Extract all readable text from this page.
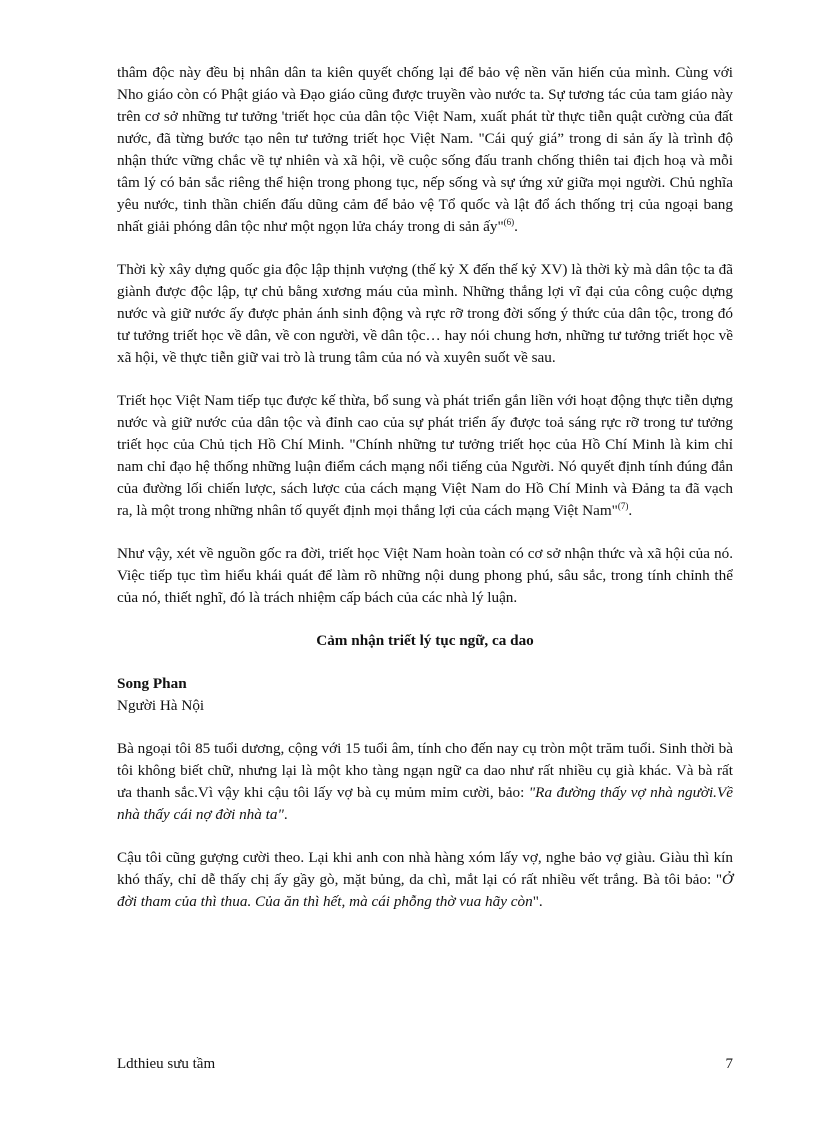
thâm độc này đều bị nhân dân ta kiên quyết chống lại để bảo vệ nền văn hiến của mình. Cùng với Nho giáo còn có Phật giáo và Đạo giáo cũng được truyền vào nước ta. Sự tương tác của tam giáo này trên cơ sở những tư tưởng 'triết học của dân tộc Việt Nam, xuất phát từ thực tiễn quật cường của đất nước, đã từng bước tạo nên tư tưởng triết học Việt Nam. "Cái quý giá” trong di sản ấy là trình độ nhận thức vững chắc về tự nhiên và xã hội, về cuộc sống đấu tranh chống thiên tai địch hoạ và mỗi tâm lý có bản sắc riêng thể hiện trong phong tục, nếp sống và sự ứng xử giữa mọi người. Chủ nghĩa yêu nước, tinh thần chiến đấu dũng cảm để bảo vệ Tổ quốc và lật đổ ách thống trị của ngoại bang nhất giải phóng dân tộc như một ngọn lửa cháy trong di sản ấy"$^{(6)}$.

Thời kỳ xây dựng quốc gia độc lập thịnh vượng (thế kỷ X đến thế kỷ XV) là thời kỳ mà dân tộc ta đã giành được độc lập, tự chủ bằng xương máu của mình. Những thắng lợi vĩ đại của công cuộc dựng nước và giữ nước ấy được phản ánh sinh động và rực rỡ trong đời sống ý thức của dân tộc, trong đó tư tưởng triết học về dân, về con người, về dân tộc… hay nói chung hơn, những tư tưởng triết học về xã hội, về thực tiễn giữ vai trò là trung tâm của nó và xuyên suốt về sau.

Triết học Việt Nam tiếp tục được kế thừa, bổ sung và phát triển gắn liền với hoạt động thực tiễn dựng nước và giữ nước của dân tộc và đỉnh cao của sự phát triển ấy được toả sáng rực rỡ trong tư tưởng triết học của Chủ tịch Hồ Chí Minh. "Chính những tư tưởng triết học của Hồ Chí Minh là kim chỉ nam chỉ đạo hệ thống những luận điểm cách mạng nổi tiếng của Người. Nó quyết định tính đúng đắn của đường lối chiến lược, sách lược của cách mạng Việt Nam do Hồ Chí Minh và Đảng ta đã vạch ra, là một trong những nhân tố quyết định mọi thắng lợi của cách mạng Việt Nam"$^{(7)}$.

Như vậy, xét về nguồn gốc ra đời, triết học Việt Nam hoàn toàn có cơ sở nhận thức và xã hội của nó. Việc tiếp tục tìm hiểu khái quát để làm rõ những nội dung phong phú, sâu sắc, trong tính chỉnh thể của nó, thiết nghĩ, đó là trách nhiệm cấp bách của các nhà lý luận.

Cảm nhận triết lý tục ngữ, ca dao

Song Phan

Người Hà Nội

Bà ngoại tôi 85 tuổi dương, cộng với 15 tuổi âm, tính cho đến nay cụ tròn một trăm tuổi. Sinh thời bà tôi không biết chữ, nhưng lại là một kho tàng ngạn ngữ ca dao như rất nhiều cụ già khác. Và bà rất ưa thanh sắc.Vì vậy khi cậu tôi lấy vợ bà cụ mủm mỉm cười, bảo: "Ra đường thấy vợ nhà người.Về nhà thấy cái nợ đời nhà ta".

Cậu tôi cũng gượng cười theo. Lại khi anh con nhà hàng xóm lấy vợ, nghe bảo vợ giàu. Giàu thì kín khó thấy, chỉ dễ thấy chị ấy gầy gò, mặt bủng, da chì, mắt lại có rất nhiều vết trắng. Bà tôi bảo: "Ở đời tham của thì thua. Của ăn thì hết, mà cái phỗng thờ vua hãy còn".

Ldthieu sưu tầm	7
